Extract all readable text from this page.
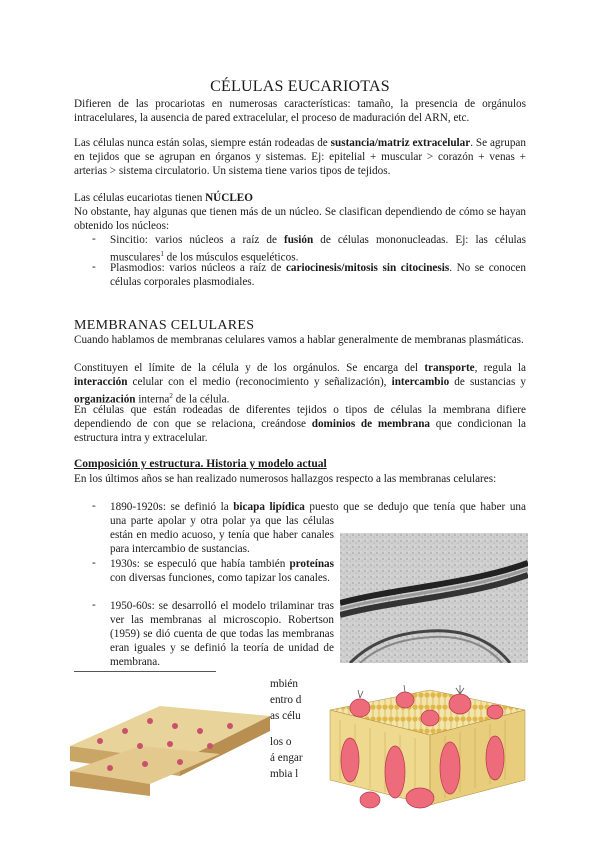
CÉLULAS EUCARIOTAS

Difieren de las procariotas en numerosas características: tamaño, la presencia de orgánulos intracelulares, la ausencia de pared extracelular, el proceso de maduración del ARN, etc.

Las células nunca están solas, siempre están rodeadas de sustancia/matriz extracelular. Se agrupan en tejidos que se agrupan en órganos y sistemas. Ej: epitelial + muscular > corazón + venas + arterias > sistema circulatorio. Un sistema tiene varios tipos de tejidos.

Las células eucariotas tienen NÚCLEO
No obstante, hay algunas que tienen más de un núcleo. Se clasifican dependiendo de cómo se hayan obtenido los núcleos:

- Sincitio: varios núcleos a raíz de fusión de células mononucleadas. Ej: las células musculares$^1$ de los músculos esqueléticos.

- Plasmodios: varios núcleos a raíz de cariocinesis/mitosis sin citocinesis. No se conocen células corporales plasmodiales.

MEMBRANAS CELULARES

Cuando hablamos de membranas celulares vamos a hablar generalmente de membranas plasmáticas.

Constituyen el límite de la célula y de los orgánulos. Se encarga del transporte, regula la interacción celular con el medio (reconocimiento y señalización), intercambio de sustancias y organización interna$^2$ de la célula.

En células que están rodeadas de diferentes tejidos o tipos de células la membrana difiere dependiendo de con que se relaciona, creándose dominios de membrana que condicionan la estructura intra y extracelular.

Composición y estructura. Historia y modelo actual

En los últimos años se han realizado numerosos hallazgos respecto a las membranas celulares:

- 1890-1920s: se definió la bicapa lipídica puesto que se dedujo que tenía que haber una

una parte apolar y otra polar ya que las células están en medio acuoso, y tenía que haber canales para intercambio de sustancias.

- 1930s: se especuló que había también proteínas con diversas funciones, como tapizar los canales.

- 1950-60s: se desarrolló el modelo trilaminar tras ver las membranas al microscopio. Robertson (1959) se dió cuenta de que todas las membranas eran iguales y se definió la teoría de unidad de membrana.

mbién

entro d

as célu

los o

á engar

mbia l
